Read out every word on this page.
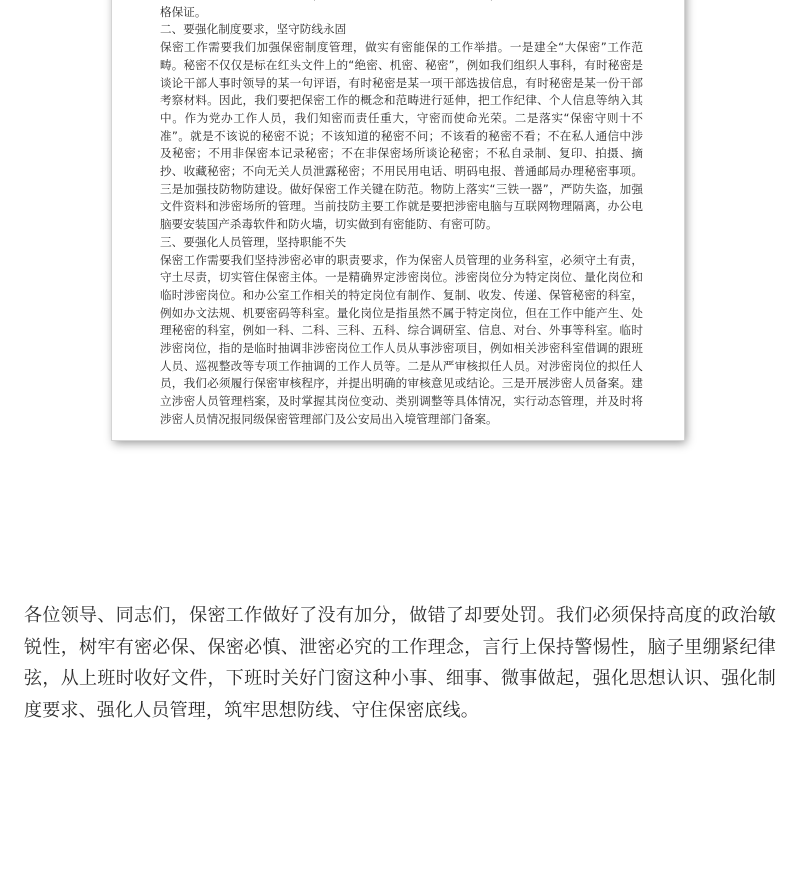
格保证。

二、要强化制度要求，坚守防线永固

保密工作需要我们加强保密制度管理，做实有密能保的工作举措。一是建全“大保密”工作范畴。秘密不仅仅是标在红头文件上的“绝密、机密、秘密”，例如我们组织人事科，有时秘密是谈论干部人事时领导的某一句评语，有时秘密是某一项干部选拔信息，有时秘密是某一份干部考察材料。因此，我们要把保密工作的概念和范畴进行延伸，把工作纪律、个人信息等纳入其中。作为党办工作人员，我们知密而责任重大，守密而使命光荣。二是落实“保密守则十不准”。就是不该说的秘密不说；不该知道的秘密不问；不该看的秘密不看；不在私人通信中涉及秘密；不用非保密本记录秘密；不在非保密场所谈论秘密；不私自录制、复印、拍摄、摘抄、收藏秘密；不向无关人员泄露秘密；不用民用电话、明码电报、普通邮局办理秘密事项。三是加强技防物防建设。做好保密工作关键在防范。物防上落实“三铁一器”，严防失盗，加强文件资料和涉密场所的管理。当前技防主要工作就是要把涉密电脑与互联网物理隔离，办公电脑要安装国产杀毒软件和防火墙，切实做到有密能防、有密可防。

三、要强化人员管理，坚持职能不失

保密工作需要我们坚持涉密必审的职责要求，作为保密人员管理的业务科室，必须守土有责，守土尽责，切实管住保密主体。一是精确界定涉密岗位。涉密岗位分为特定岗位、量化岗位和临时涉密岗位。和办公室工作相关的特定岗位有制作、复制、收发、传递、保管秘密的科室，例如办文法规、机要密码等科室。量化岗位是指虽然不属于特定岗位，但在工作中能产生、处理秘密的科室，例如一科、二科、三科、五科、综合调研室、信息、对台、外事等科室。临时涉密岗位，指的是临时抽调非涉密岗位工作人员从事涉密项目，例如相关涉密科室借调的跟班人员、巡视整改等专项工作抽调的工作人员等。二是从严审核拟任人员。对涉密岗位的拟任人员，我们必须履行保密审核程序，并提出明确的审核意见或结论。三是开展涉密人员备案。建立涉密人员管理档案，及时掌握其岗位变动、类别调整等具体情况，实行动态管理，并及时将涉密人员情况报同级保密管理部门及公安局出入境管理部门备案。

各位领导、同志们，保密工作做好了没有加分，做错了却要处罚。我们必须保持高度的政治敏锐性，树牢有密必保、保密必慎、泄密必究的工作理念，言行上保持警惕性，脑子里绷紧纪律弦，从上班时收好文件，下班时关好门窗这种小事、细事、微事做起，强化思想认识、强化制度要求、强化人员管理，筑牢思想防线、守住保密底线。
